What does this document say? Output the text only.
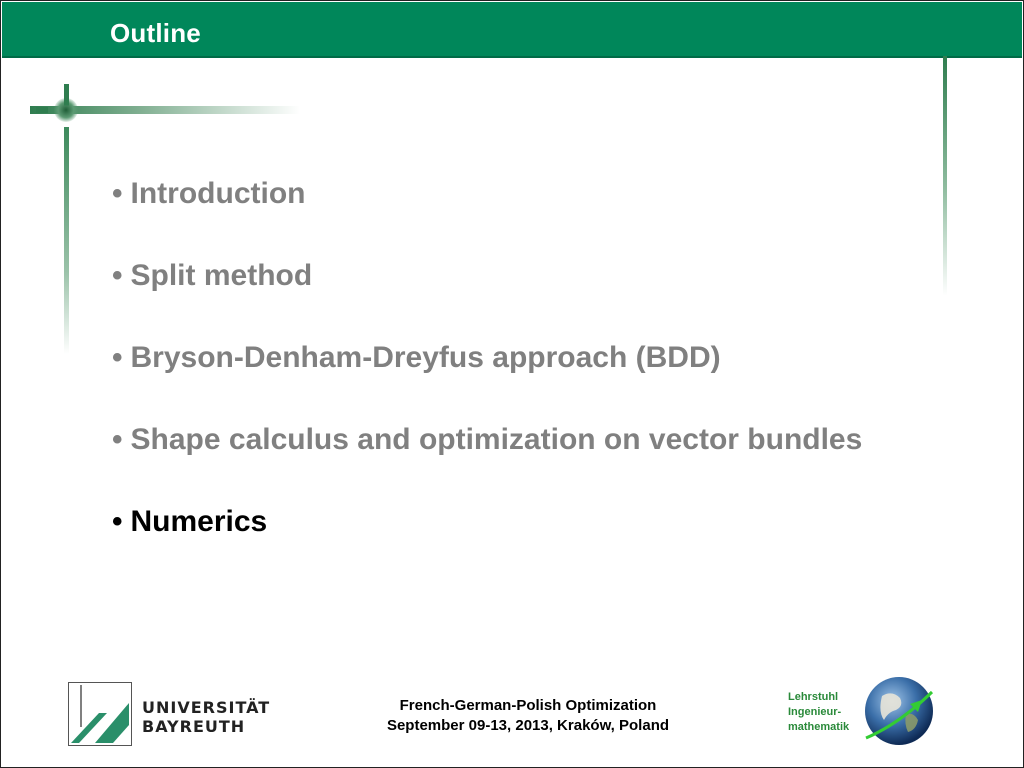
Outline
• Introduction
• Split method
• Bryson-Denham-Dreyfus approach (BDD)
• Shape calculus and optimization on vector bundles
• Numerics
UNIVERSITÄT
BAYREUTH
French-German-Polish Optimization
September 09-13, 2013, Kraków, Poland
Lehrstuhl
Ingenieur-
mathematik
